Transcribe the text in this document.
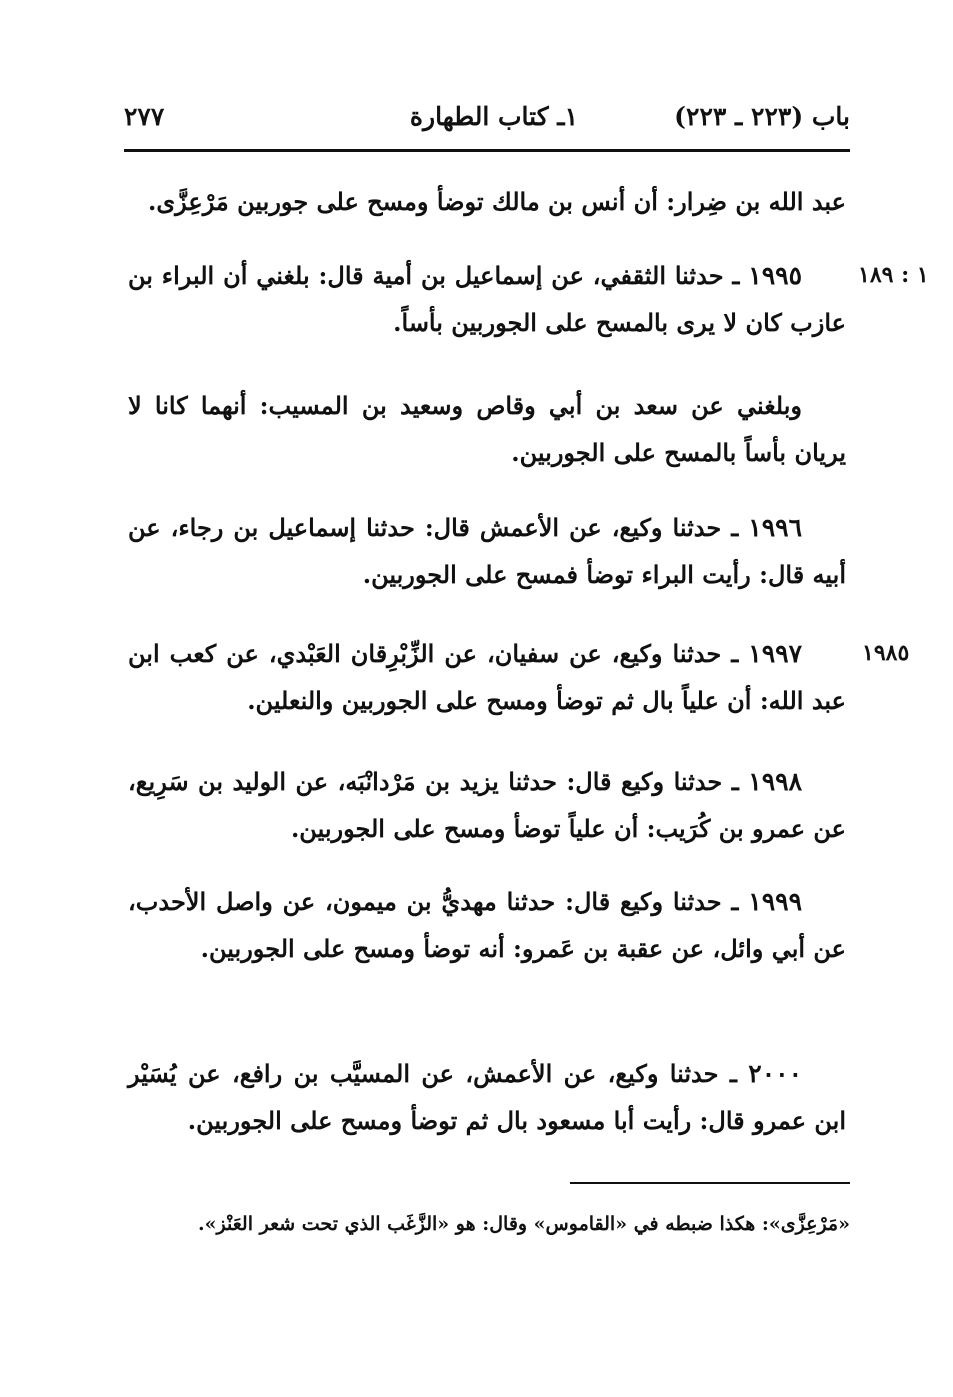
باب (٢٢٣ ـ ٢٢٣)
١ـ كتاب الطهارة
٢٧٧
عبد الله بن ضِرار: أن أنس بن مالك توضأ ومسح على جوربين مَرْعِزَّى.
١٩٩٥ ـ حدثنا الثقفي، عن إسماعيل بن أمية قال: بلغني أن البراء بن عازب كان لا يرى بالمسح على الجوربين بأساً.
١ : ١٨٩
وبلغني عن سعد بن أبي وقاص وسعيد بن المسيب: أنهما كانا لا يريان بأساً بالمسح على الجوربين.
١٩٩٦ ـ حدثنا وكيع، عن الأعمش قال: حدثنا إسماعيل بن رجاء، عن أبيه قال: رأيت البراء توضأ فمسح على الجوربين.
١٩٩٧ ـ حدثنا وكيع، عن سفيان، عن الزِّبْرِقان العَبْدي، عن كعب ابن عبد الله: أن علياً بال ثم توضأ ومسح على الجوربين والنعلين.
١٩٨٥
١٩٩٨ ـ حدثنا وكيع قال: حدثنا يزيد بن مَرْدانْبَه، عن الوليد بن سَرِيع، عن عمرو بن كُرَيب: أن علياً توضأ ومسح على الجوربين.
١٩٩٩ ـ حدثنا وكيع قال: حدثنا مهديُّ بن ميمون، عن واصل الأحدب، عن أبي وائل، عن عقبة بن عَمرو: أنه توضأ ومسح على الجوربين.
٢٠٠٠ ـ حدثنا وكيع، عن الأعمش، عن المسيَّب بن رافع، عن يُسَيْر ابن عمرو قال: رأيت أبا مسعود بال ثم توضأ ومسح على الجوربين.
«مَرْعِزَّى»: هكذا ضبطه في «القاموس» وقال: هو «الزَّغَب الذي تحت شعر العَنْز».
